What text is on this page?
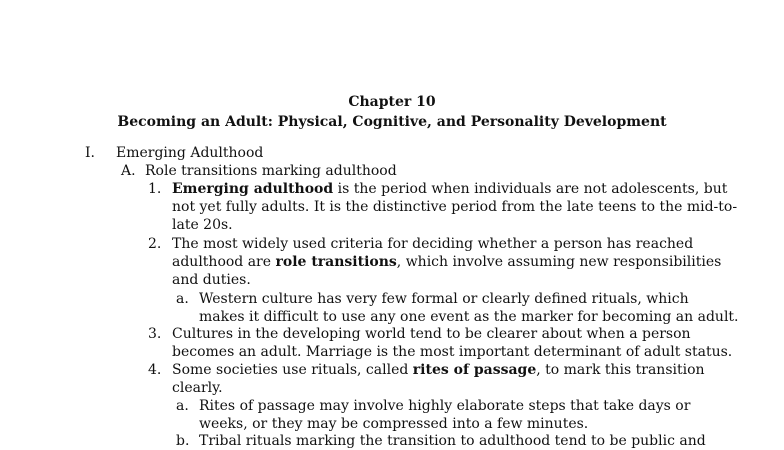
Chapter 10
Becoming an Adult: Physical, Cognitive, and Personality Development
I. Emerging Adulthood
A. Role transitions marking adulthood
1. Emerging adulthood is the period when individuals are not adolescents, but
not yet fully adults. It is the distinctive period from the late teens to the mid-to-
late 20s.
2. The most widely used criteria for deciding whether a person has reached
adulthood are role transitions, which involve assuming new responsibilities
and duties.
a. Western culture has very few formal or clearly defined rituals, which
makes it difficult to use any one event as the marker for becoming an adult.
3. Cultures in the developing world tend to be clearer about when a person
becomes an adult. Marriage is the most important determinant of adult status.
4. Some societies use rituals, called rites of passage, to mark this transition
clearly.
a. Rites of passage may involve highly elaborate steps that take days or
weeks, or they may be compressed into a few minutes.
b. Tribal rituals marking the transition to adulthood tend to be public and
